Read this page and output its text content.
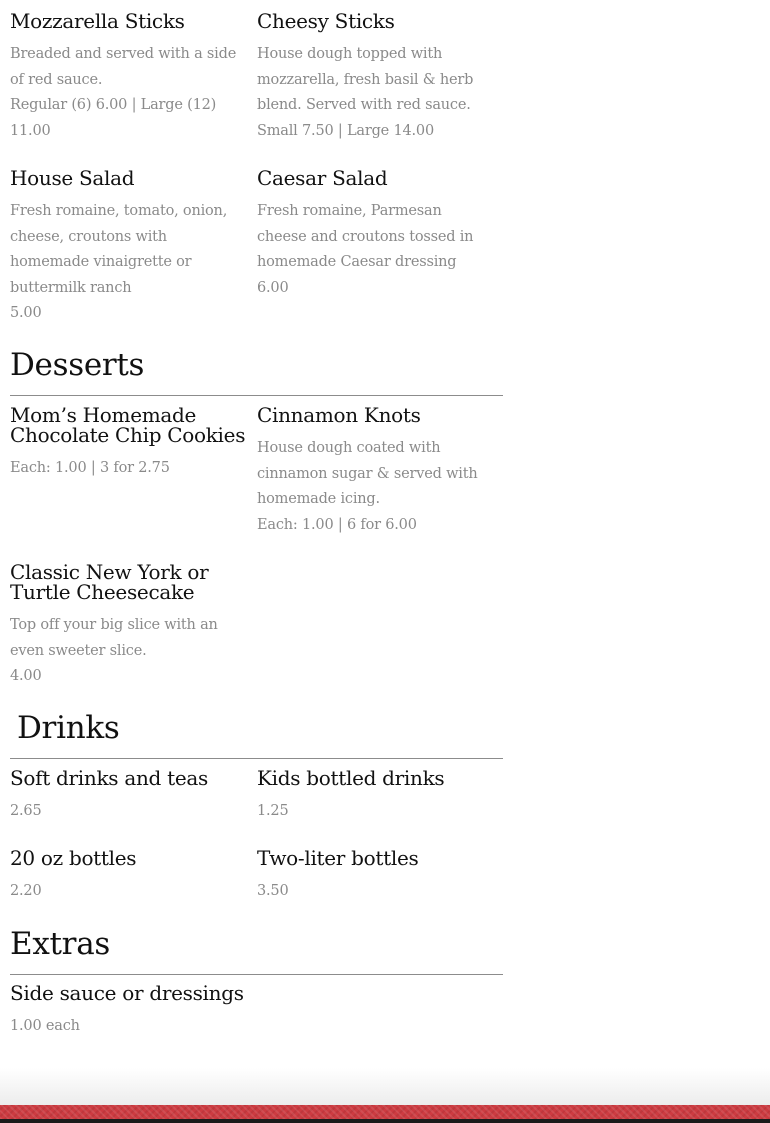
Mozzarella Sticks
Breaded and served with a side of red sauce.
Regular (6) 6.00 | Large (12) 11.00
Cheesy Sticks
House dough topped with mozzarella, fresh basil & herb blend. Served with red sauce.
Small 7.50 | Large 14.00
House Salad
Fresh romaine, tomato, onion, cheese, croutons with homemade vinaigrette or buttermilk ranch
5.00
Caesar Salad
Fresh romaine, Parmesan cheese and croutons tossed in homemade Caesar dressing
6.00
Desserts
Mom’s Homemade
Chocolate Chip Cookies
Each: 1.00 | 3 for 2.75
Cinnamon Knots
House dough coated with cinnamon sugar & served with homemade icing.
Each: 1.00 | 6 for 6.00
Classic New York or
Turtle Cheesecake
Top off your big slice with an even sweeter slice.
4.00
Drinks
Soft drinks and teas
2.65
Kids bottled drinks
1.25
20 oz bottles
2.20
Two-liter bottles
3.50
Extras
Side sauce or dressings
1.00 each
